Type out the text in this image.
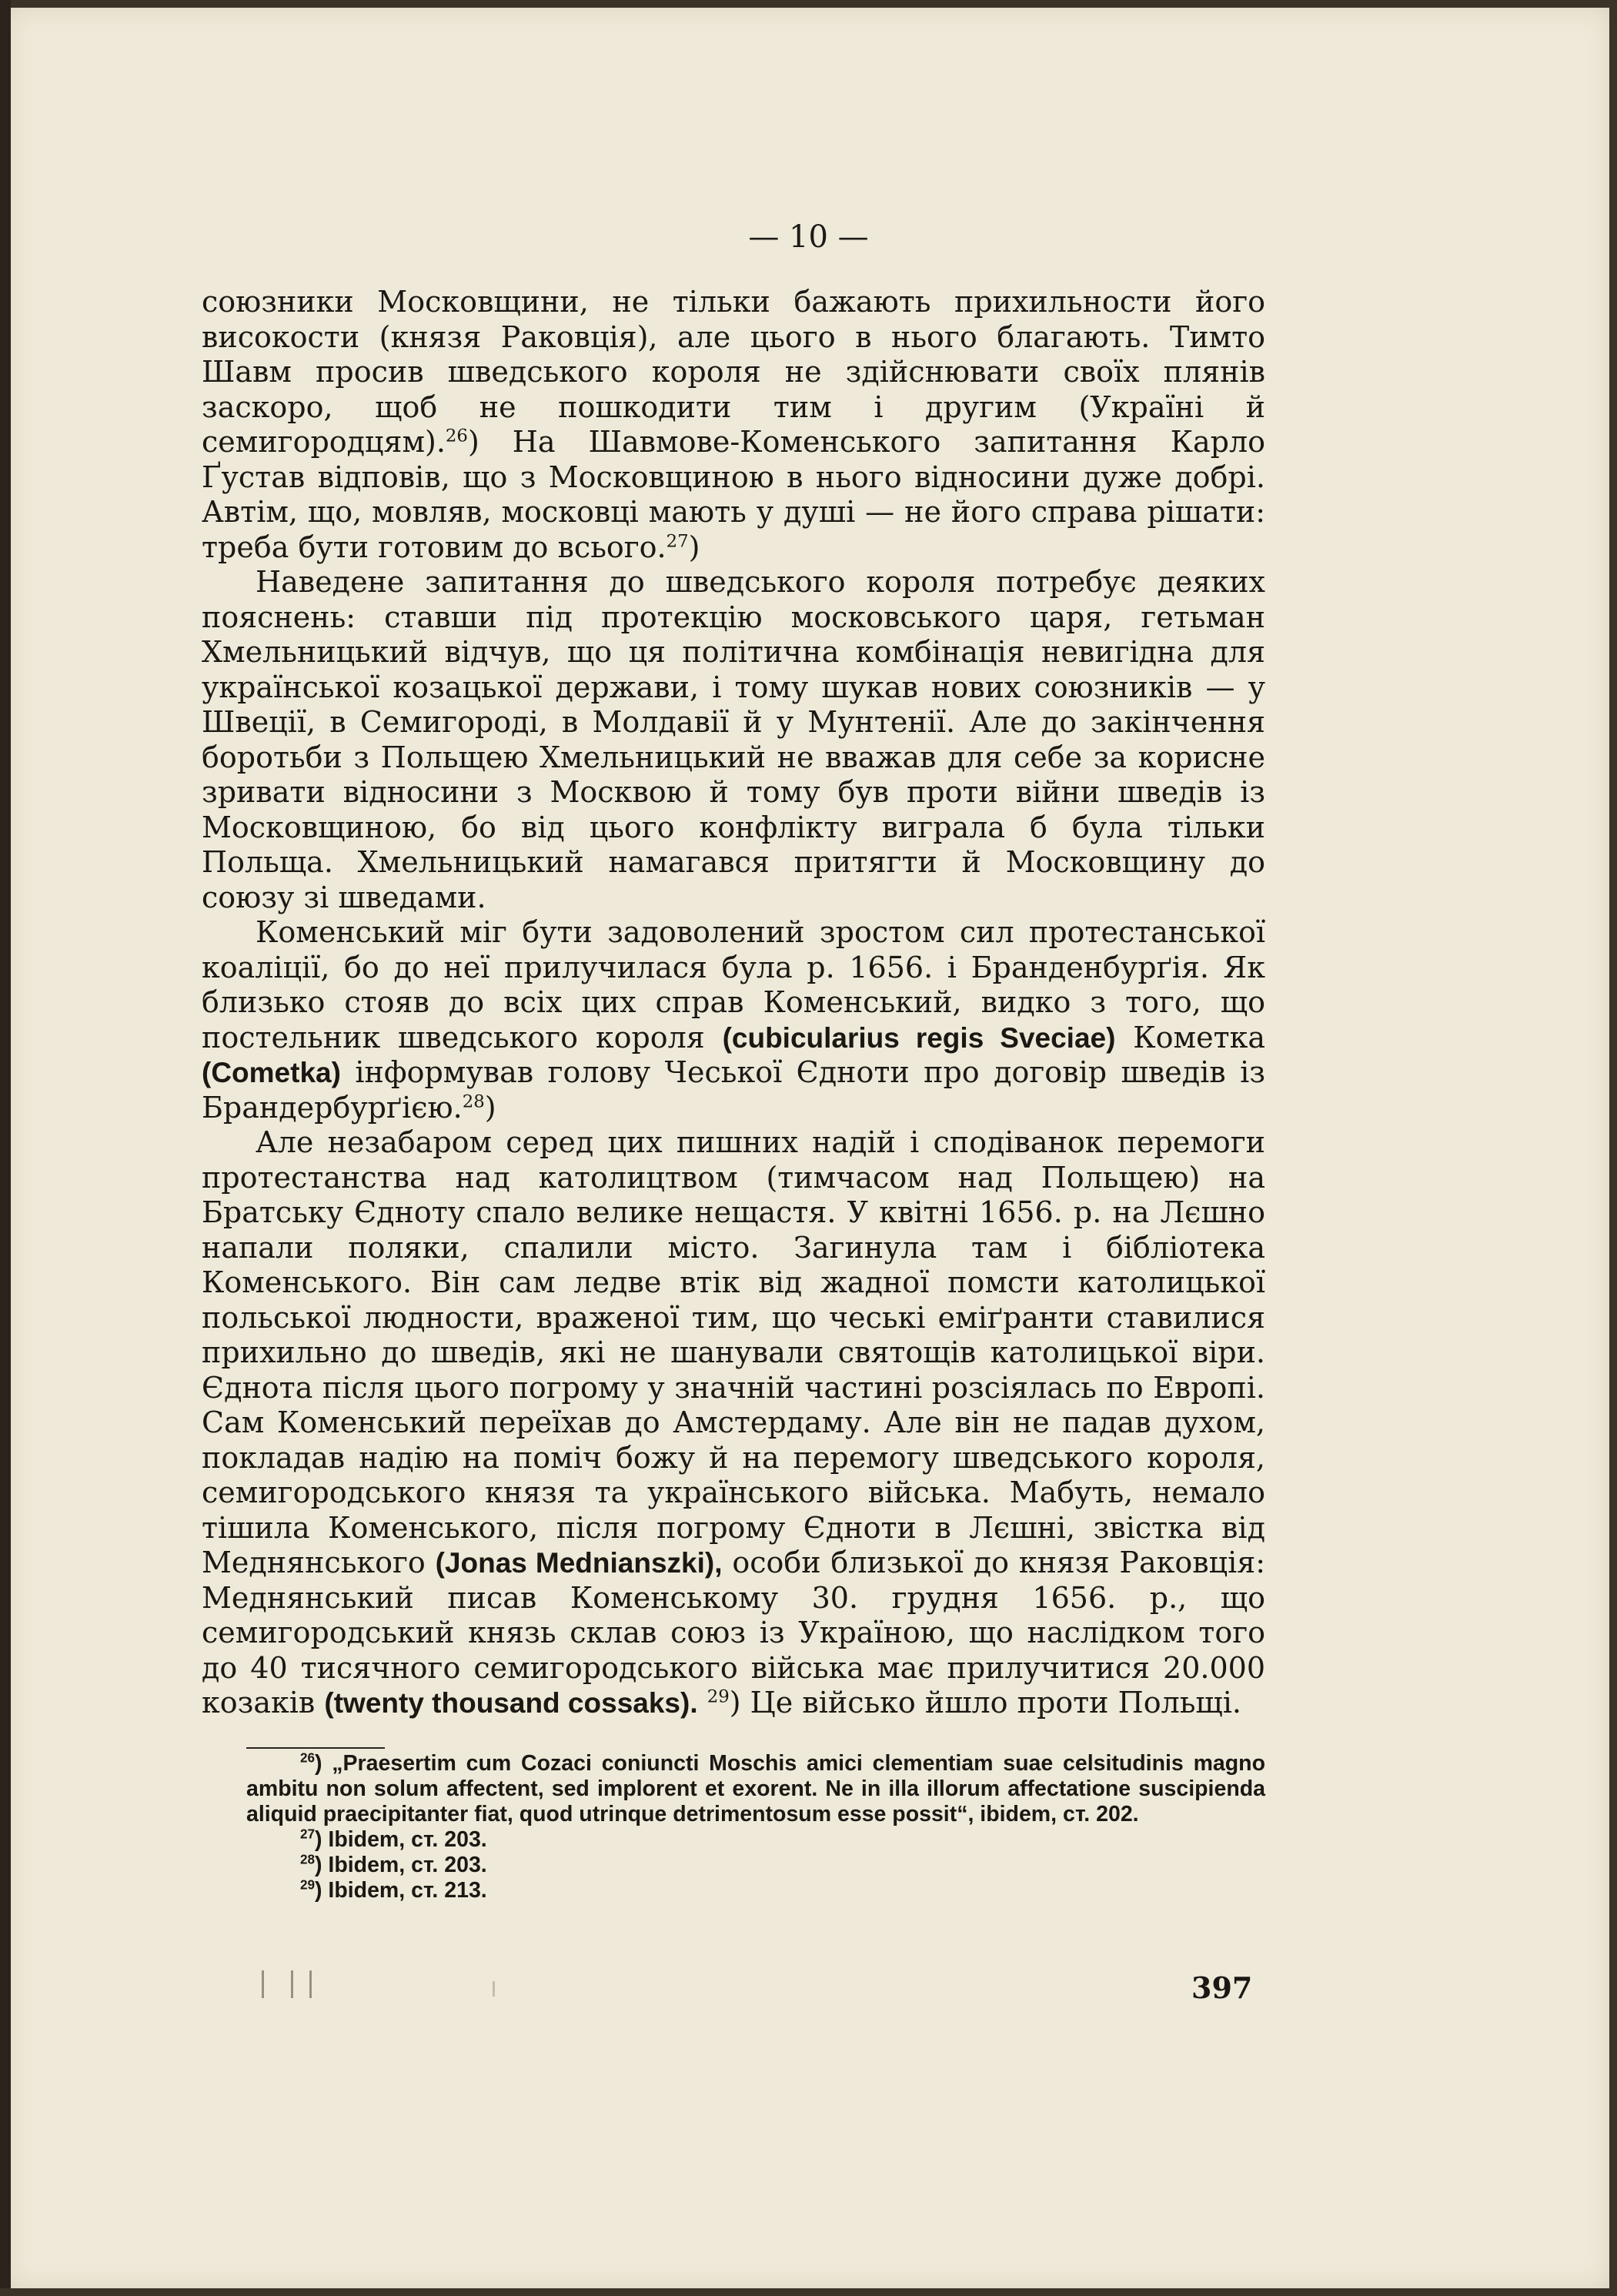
— 10 —

союзники Московщини, не тільки бажають прихильности його високости (князя Раковція), але цього в нього благають. Тимто Шавм просив шведського короля не здійснювати своїх плянів заскоро, щоб не пошкодити тим і другим (Україні й семигородцям).$^{26}$) На Шавмове-Коменського запитання Карло Ґустав відповів, що з Московщиною в нього відносини дуже добрі. Автім, що, мовляв, московці мають у душі — не його справа рішати: треба бути готовим до всього.$^{27}$)

Наведене запитання до шведського короля потребує деяких пояснень: ставши під протекцію московського царя, гетьман Хмельницький відчув, що ця політична комбінація невигідна для української козацької держави, і тому шукав нових союзників — у Швеції, в Семигороді, в Молдавії й у Мунтенії. Але до закінчення боротьби з Польщею Хмельницький не вважав для себе за корисне зривати відносини з Москвою й тому був проти війни шведів із Московщиною, бо від цього конфлікту виграла б була тільки Польща. Хмельницький намагався притягти й Московщину до союзу зі шведами.

Коменський міг бути задоволений зростом сил протестанської коаліції, бо до неї прилучилася була р. 1656. і Бранденбурґія. Як близько стояв до всіх цих справ Коменський, видко з того, що постельник шведського короля (cubicularius regis Sveciae) Кометка (Cometka) інформував голову Чеської Єдноти про договір шведів із Брандербурґією.$^{28}$)

Але незабаром серед цих пишних надій і сподіванок перемоги протестанства над католицтвом (тимчасом над Польщею) на Братську Єдноту спало велике нещастя. У квітні 1656. р. на Лєшно напали поляки, спалили місто. Загинула там і бібліотека Коменського. Він сам ледве втік від жадної помсти католицької польської людности, враженої тим, що чеські еміґранти ставилися прихильно до шведів, які не шанували святощів католицької віри. Єднота після цього погрому у значній частині розсіялась по Европі. Сам Коменський переїхав до Амстердаму. Але він не падав духом, покладав надію на поміч божу й на перемогу шведського короля, семигородського князя та українського війська. Мабуть, немало тішила Коменського, після погрому Єдноти в Лєшні, звістка від Меднянського (Jonas Mednianszki), особи близької до князя Раковція: Меднянський писав Коменському 30. грудня 1656. р., що семигородський князь склав союз із Україною, що наслідком того до 40 тисячного семигородського війська має прилучитися 20.000 козаків (twenty thousand cossaks). $^{29}$) Це військо йшло проти Польщі.

$^{26}$) „Praesertim cum Cozaci coniuncti Moschis amici clementiam suae celsitudinis magno ambitu non solum affectent, sed implorent et exorent. Ne in illa illorum affectatione suscipienda aliquid praecipitanter fiat, quod utrinque detrimentosum esse possit“, ibidem, ст. 202.
$^{27}$) Ibidem, ст. 203.
$^{28}$) Ibidem, ст. 203.
$^{29}$) Ibidem, ст. 213.
397
